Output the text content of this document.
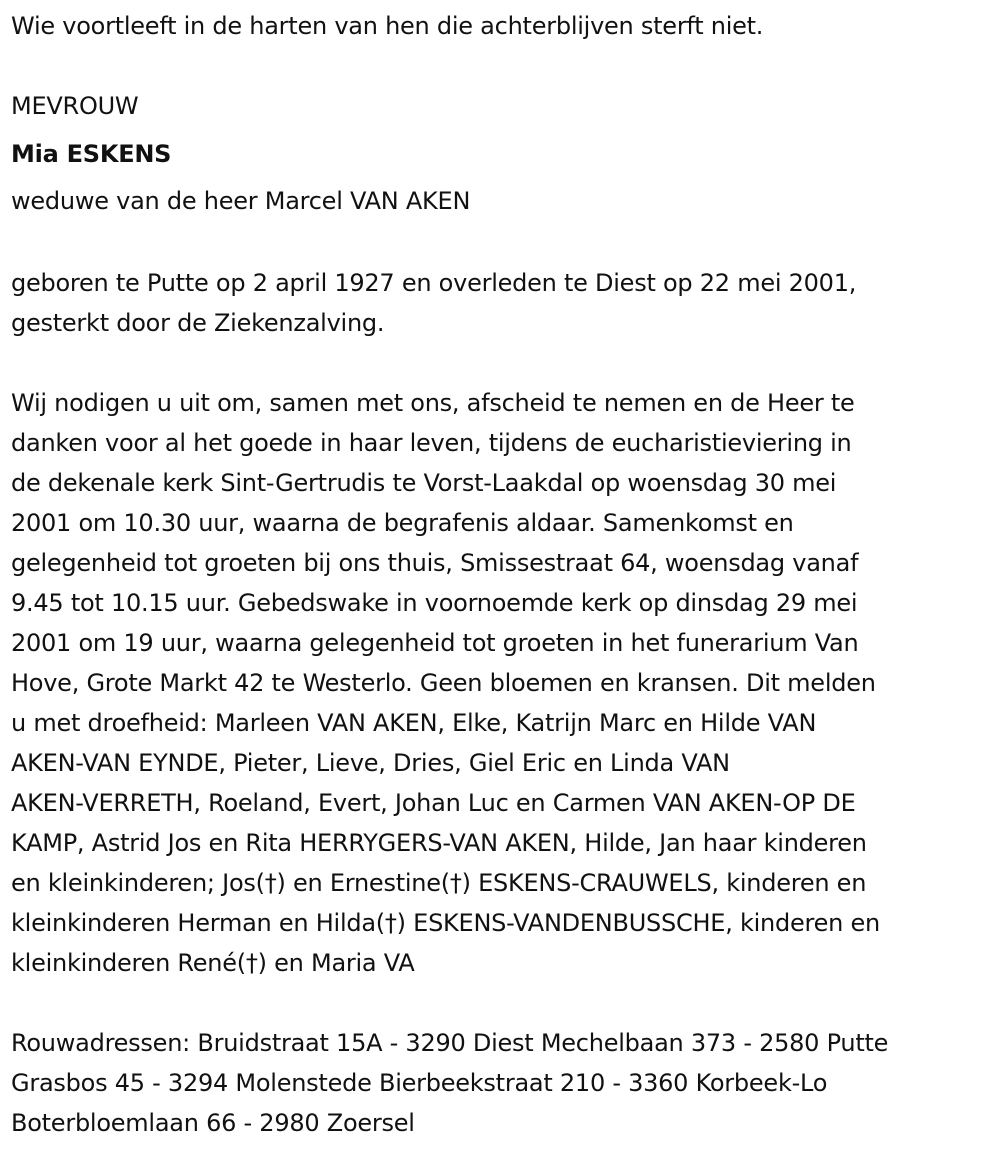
Wie voortleeft in de harten van hen die achterblijven sterft niet.

MEVROUW

Mia ESKENS

weduwe van de heer Marcel VAN AKEN

geboren te Putte op 2 april 1927 en overleden te Diest op 22 mei 2001,
gesterkt door de Ziekenzalving.
Wij nodigen u uit om, samen met ons, afscheid te nemen en de Heer te
danken voor al het goede in haar leven, tijdens de eucharistieviering in
de dekenale kerk Sint-Gertrudis te Vorst-Laakdal op woensdag 30 mei
2001 om 10.30 uur, waarna de begrafenis aldaar. Samenkomst en
gelegenheid tot groeten bij ons thuis, Smissestraat 64, woensdag vanaf
9.45 tot 10.15 uur. Gebedswake in voornoemde kerk op dinsdag 29 mei
2001 om 19 uur, waarna gelegenheid tot groeten in het funerarium Van
Hove, Grote Markt 42 te Westerlo. Geen bloemen en kransen. Dit melden
u met droefheid: Marleen VAN AKEN, Elke, Katrijn Marc en Hilde VAN
AKEN-VAN EYNDE, Pieter, Lieve, Dries, Giel Eric en Linda VAN
AKEN-VERRETH, Roeland, Evert, Johan Luc en Carmen VAN AKEN-OP DE
KAMP, Astrid Jos en Rita HERRYGERS-VAN AKEN, Hilde, Jan haar kinderen
en kleinkinderen; Jos(†) en Ernestine(†) ESKENS-CRAUWELS, kinderen en
kleinkinderen Herman en Hilda(†) ESKENS-VANDENBUSSCHE, kinderen en
kleinkinderen René(†) en Maria VA
Rouwadressen: Bruidstraat 15A - 3290 Diest Mechelbaan 373 - 2580 Putte
Grasbos 45 - 3294 Molenstede Bierbeekstraat 210 - 3360 Korbeek-Lo
Boterbloemlaan 66 - 2980 Zoersel
